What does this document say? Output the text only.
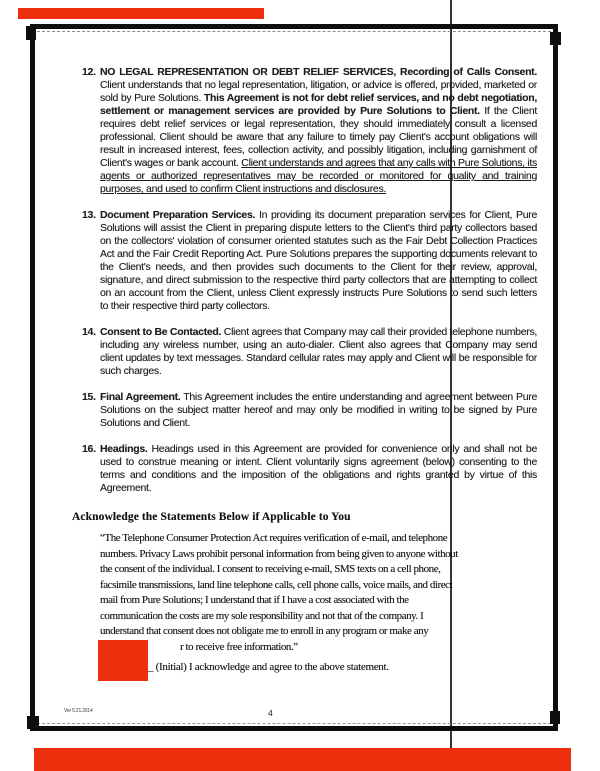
12. NO LEGAL REPRESENTATION OR DEBT RELIEF SERVICES, Recording of Calls Consent. Client understands that no legal representation, litigation, or advice is offered, provided, marketed or sold by Pure Solutions. This Agreement is not for debt relief services, and no debt negotiation, settlement or management services are provided by Pure Solutions to Client. If the Client requires debt relief services or legal representation, they should immediately consult a licensed professional. Client should be aware that any failure to timely pay Client's account obligations will result in increased interest, fees, collection activity, and possibly litigation, including garnishment of Client's wages or bank account. Client understands and agrees that any calls with Pure Solutions, its agents or authorized representatives may be recorded or monitored for quality and training purposes, and used to confirm Client instructions and disclosures.
13. Document Preparation Services. In providing its document preparation services for Client, Pure Solutions will assist the Client in preparing dispute letters to the Client's third party collectors based on the collectors' violation of consumer oriented statutes such as the Fair Debt Collection Practices Act and the Fair Credit Reporting Act. Pure Solutions prepares the supporting documents relevant to the Client's needs, and then provides such documents to the Client for their review, approval, signature, and direct submission to the respective third party collectors that are attempting to collect on an account from the Client, unless Client expressly instructs Pure Solutions to send such letters to their respective third party collectors.
14. Consent to Be Contacted. Client agrees that Company may call their provided telephone numbers, including any wireless number, using an auto-dialer. Client also agrees that Company may send client updates by text messages. Standard cellular rates may apply and Client will be responsible for such charges.
15. Final Agreement. This Agreement includes the entire understanding and agreement between Pure Solutions on the subject matter hereof and may only be modified in writing to be signed by Pure Solutions and Client.
16. Headings. Headings used in this Agreement are provided for convenience only and shall not be used to construe meaning or intent. Client voluntarily signs agreement (below) consenting to the terms and conditions and the imposition of the obligations and rights granted by virtue of this Agreement.
Acknowledge the Statements Below if Applicable to You
“The Telephone Consumer Protection Act requires verification of e-mail, and telephone
numbers. Privacy Laws prohibit personal information from being given to anyone without
the consent of the individual. I consent to receiving e-mail, SMS texts on a cell phone,
facsimile transmissions, land line telephone calls, cell phone calls, voice mails, and direct
mail from Pure Solutions; I understand that if I have a cost associated with the
communication the costs are my sole responsibility and not that of the company. I
understand that consent does not obligate me to enroll in any program or make any
r to receive free information.”
_ (Initial) I acknowledge and agree to the above statement.
Ver 5.21.2014	4
